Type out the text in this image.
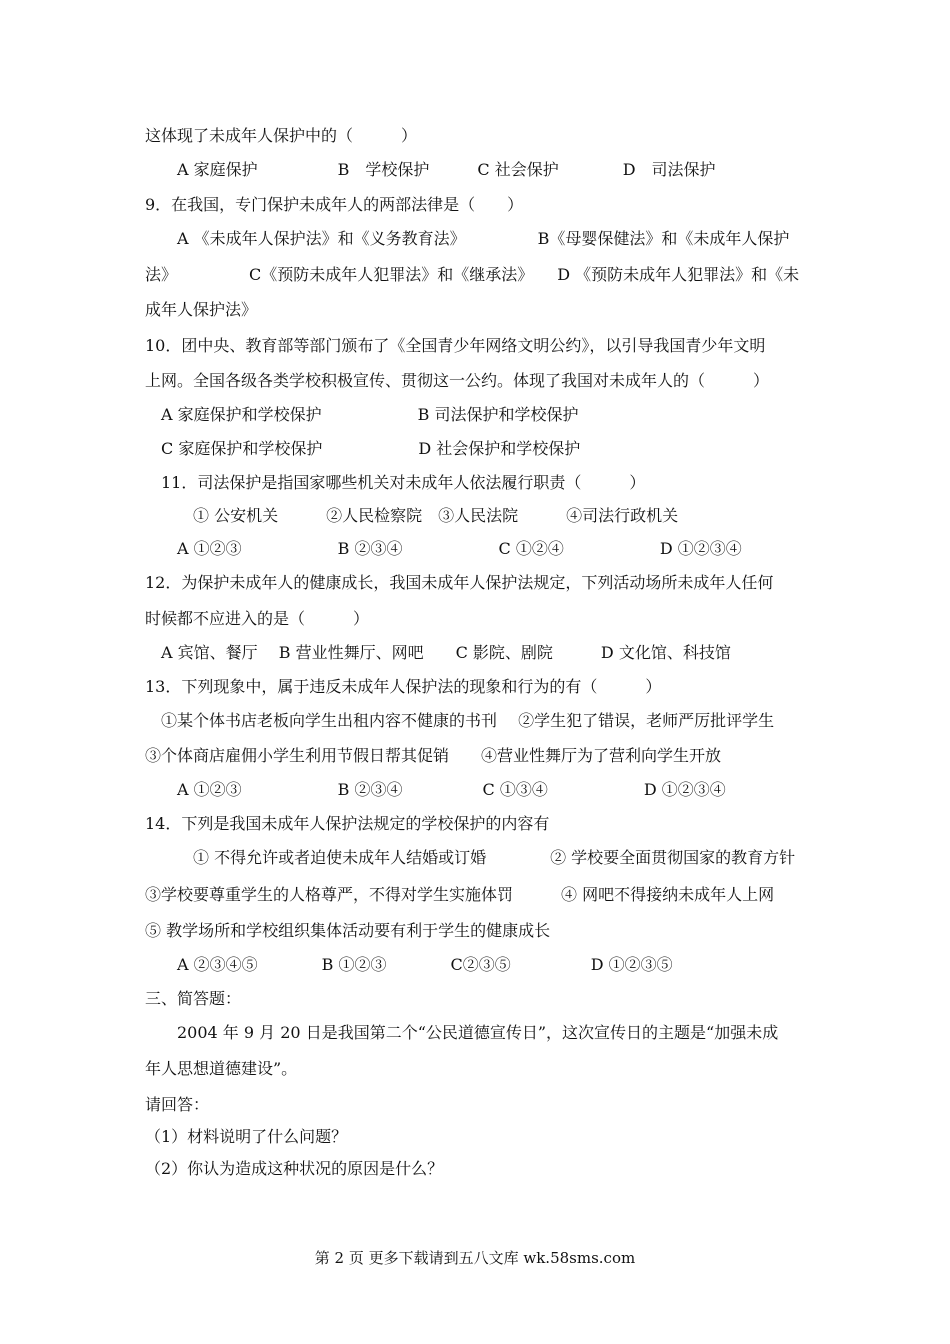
这体现了未成年人保护中的（　　　）
　　A 家庭保护　　　　　B　学校保护　　　C 社会保护　　　　D　司法保护
9．在我国，专门保护未成年人的两部法律是（　　）
　　A 《未成年人保护法》和《义务教育法》　　　　　B《母婴保健法》和《未成年人保护
法》　　　　　C《预防未成年人犯罪法》和《继承法》　　D 《预防未成年人犯罪法》和《未
成年人保护法》
10．团中央、教育部等部门颁布了《全国青少年网络文明公约》，以引导我国青少年文明
上网。全国各级各类学校积极宣传、贯彻这一公约。体现了我国对未成年人的（　　　）
　A 家庭保护和学校保护　　　　　　B 司法保护和学校保护
　C 家庭保护和学校保护　　　　　　D 社会保护和学校保护
　11．司法保护是指国家哪些机关对未成年人依法履行职责（　　　）
　　　① 公安机关　　　②人民检察院　③人民法院　　　④司法行政机关
　　A ①②③　　　　　　B ②③④　　　　　　C ①②④　　　　　　D ①②③④
12．为保护未成年人的健康成长，我国未成年人保护法规定，下列活动场所未成年人任何
时候都不应进入的是（　　　）
　A 宾馆、餐厅　 B 营业性舞厅、网吧　　C 影院、剧院　　　D 文化馆、科技馆
13．下列现象中，属于违反未成年人保护法的现象和行为的有（　　　）
　①某个体书店老板向学生出租内容不健康的书刊　 ②学生犯了错误，老师严厉批评学生
③个体商店雇佣小学生利用节假日帮其促销　　④营业性舞厅为了营利向学生开放
　　A ①②③　　　　　　B ②③④　　　　　C ①③④　　　　　　D ①②③④
14．下列是我国未成年人保护法规定的学校保护的内容有
　　　① 不得允许或者迫使未成年人结婚或订婚　　　　② 学校要全面贯彻国家的教育方针
③学校要尊重学生的人格尊严，不得对学生实施体罚　　　④ 网吧不得接纳未成年人上网
⑤ 教学场所和学校组织集体活动要有利于学生的健康成长
　　A ②③④⑤　　　　B ①②③　　　　C②③⑤　　　　　D ①②③⑤
三、简答题：
　　2004 年 9 月 20 日是我国第二个“公民道德宣传日”，这次宣传日的主题是“加强未成
年人思想道德建设”。
请回答：
（1）材料说明了什么问题？
（2）你认为造成这种状况的原因是什么？
第 2 页 更多下载请到五八文库 wk.58sms.com
